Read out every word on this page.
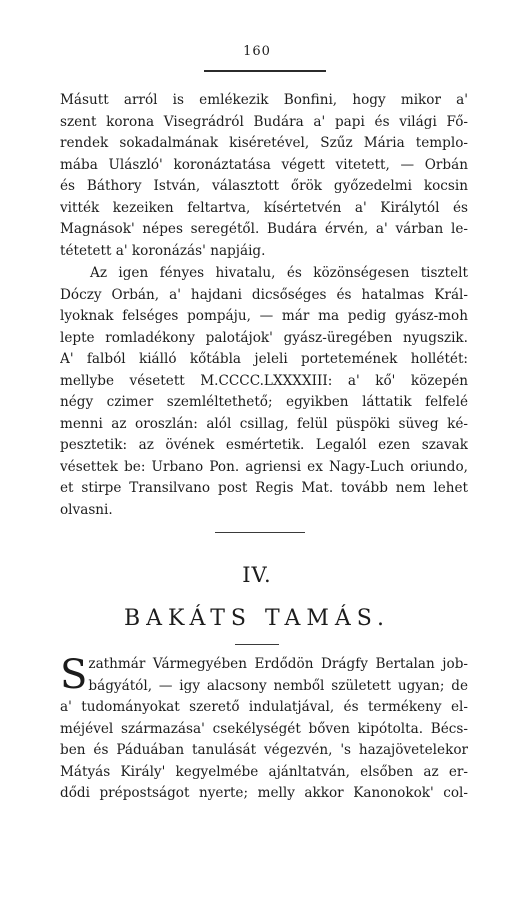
160
Másutt arról is emlékezik Bonfini, hogy mikor a'
szent korona Visegrádról Budára a' papi és világi Fő-
rendek sokadalmának kiséretével, Szűz Mária templo-
mába Ulászló' koronáztatása végett vitetett, — Orbán
és Báthory István, választott őrök győzedelmi kocsin
vitték kezeiken feltartva, kísértetvén a' Királytól és
Magnások' népes seregétől. Budára érvén, a' várban le-
tétetett a' koronázás' napjáig.
Az igen fényes hivatalu, és közönségesen tisztelt
Dóczy Orbán, a' hajdani dicsőséges és hatalmas Král-
lyoknak felséges pompáju, — már ma pedig gyász-moh
lepte romladékony palotájok' gyász-üregében nyugszik.
A' falból kiálló kőtábla jeleli portetemének hollétét:
mellybe vésetett M.CCCC.LXXXXIII: a' kő' közepén
négy czimer szemléltethető; egyikben láttatik felfelé
menni az oroszlán: alól csillag, felül püspöki süveg ké-
pesztetik: az övének esmértetik. Legalól ezen szavak
vésettek be: Urbano Pon. agriensi ex Nagy-Luch oriundo,
et stirpe Transilvano post Regis Mat. tovább nem lehet
olvasni.
IV.
BAKÁTS TAMÁS.
S zathmár Vármegyében Erdődön Drágfy Bertalan job-
bágyától, — igy alacsony nemből született ugyan; de
a' tudományokat szerető indulatjával, és termékeny el-
méjével származása' csekélységét bőven kipótolta. Bécs-
ben és Páduában tanulását végezvén, 's hazajövetelekor
Mátyás Király' kegyelmébe ajánltatván, elsőben az er-
dődi prépostságot nyerte; melly akkor Kanonokok' col-
